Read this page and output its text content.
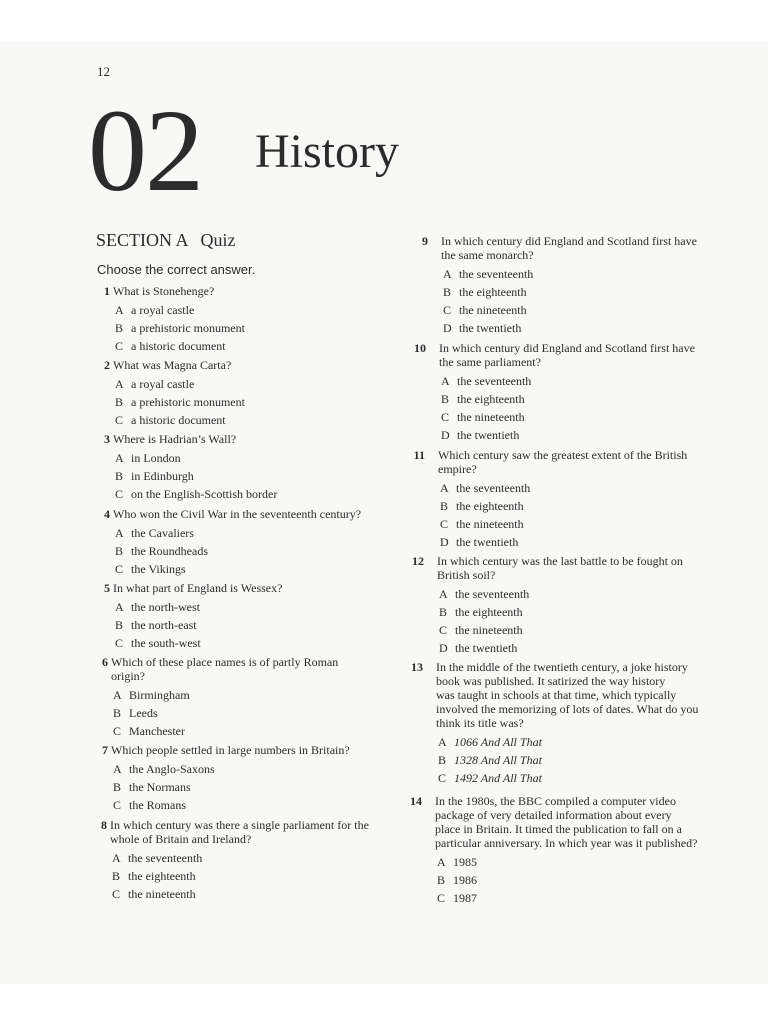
12
02 History
SECTION A Quiz
Choose the correct answer.
1 What is Stonehenge?
A a royal castle
B a prehistoric monument
C a historic document
2 What was Magna Carta?
A a royal castle
B a prehistoric monument
C a historic document
3 Where is Hadrian’s Wall?
A in London
B in Edinburgh
C on the English-Scottish border
4 Who won the Civil War in the seventeenth century?
A the Cavaliers
B the Roundheads
C the Vikings
5 In what part of England is Wessex?
A the north-west
B the north-east
C the south-west
6 Which of these place names is of partly Roman
origin?
A Birmingham
B Leeds
C Manchester
7 Which people settled in large numbers in Britain?
A the Anglo-Saxons
B the Normans
C the Romans
8 In which century was there a single parliament for the
whole of Britain and Ireland?
A the seventeenth
B the eighteenth
C the nineteenth
9 In which century did England and Scotland first have
the same monarch?
A the seventeenth
B the eighteenth
C the nineteenth
D the twentieth
10 In which century did England and Scotland first have
the same parliament?
A the seventeenth
B the eighteenth
C the nineteenth
D the twentieth
11 Which century saw the greatest extent of the British
empire?
A the seventeenth
B the eighteenth
C the nineteenth
D the twentieth
12 In which century was the last battle to be fought on
British soil?
A the seventeenth
B the eighteenth
C the nineteenth
D the twentieth
13 In the middle of the twentieth century, a joke history
book was published. It satirized the way history
was taught in schools at that time, which typically
involved the memorizing of lots of dates. What do you
think its title was?
A 1066 And All That
B 1328 And All That
C 1492 And All That
14 In the 1980s, the BBC compiled a computer video
package of very detailed information about every
place in Britain. It timed the publication to fall on a
particular anniversary. In which year was it published?
A 1985
B 1986
C 1987
